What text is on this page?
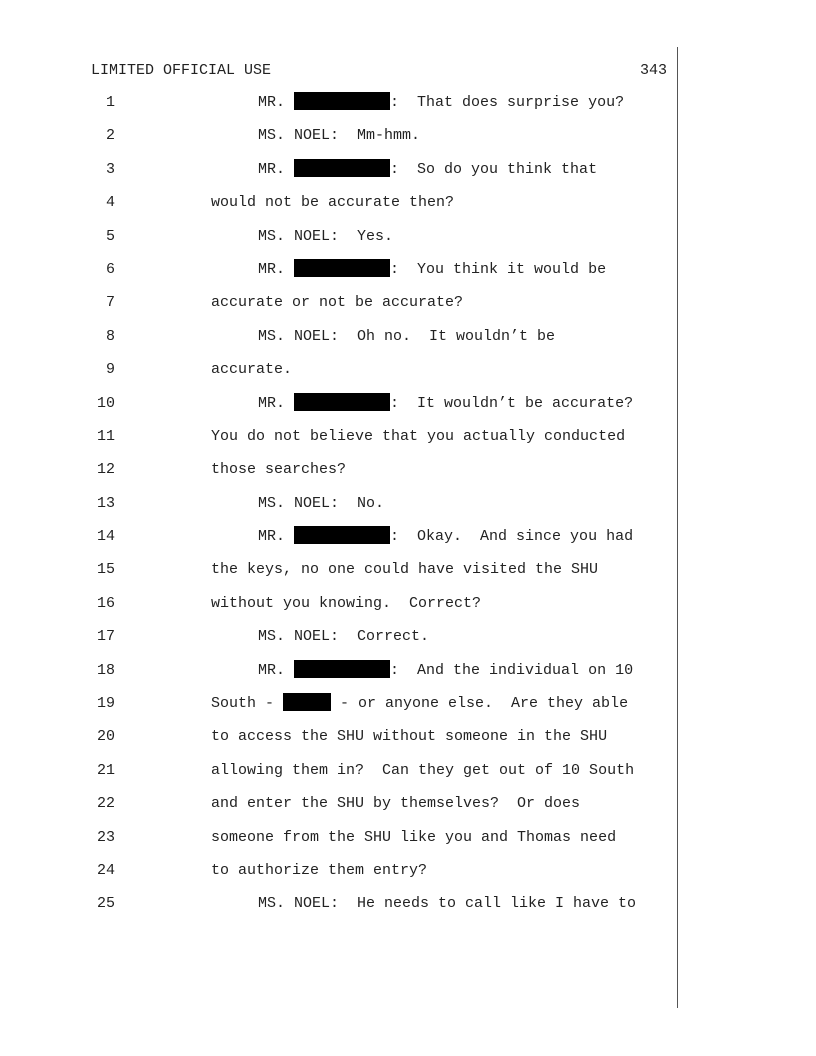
LIMITED OFFICIAL USE	343
1	MR.	:  That does surprise you?
2	MS. NOEL:  Mm-hmm.
3	MR.	:  So do you think that
4	would not be accurate then?
5	MS. NOEL:  Yes.
6	MR.	:  You think it would be
7	accurate or not be accurate?
8	MS. NOEL:  Oh no.  It wouldn’t be
9	accurate.
10	MR.	:  It wouldn’t be accurate?
11	You do not believe that you actually conducted
12	those searches?
13	MS. NOEL:  No.
14	MR.	:  Okay.  And since you had
15	the keys, no one could have visited the SHU
16	without you knowing.  Correct?
17	MS. NOEL:  Correct.
18	MR.	:  And the individual on 10
19	South -	- or anyone else.  Are they able
20	to access the SHU without someone in the SHU
21	allowing them in?  Can they get out of 10 South
22	and enter the SHU by themselves?  Or does
23	someone from the SHU like you and Thomas need
24	to authorize them entry?
25	MS. NOEL:  He needs to call like I have to
